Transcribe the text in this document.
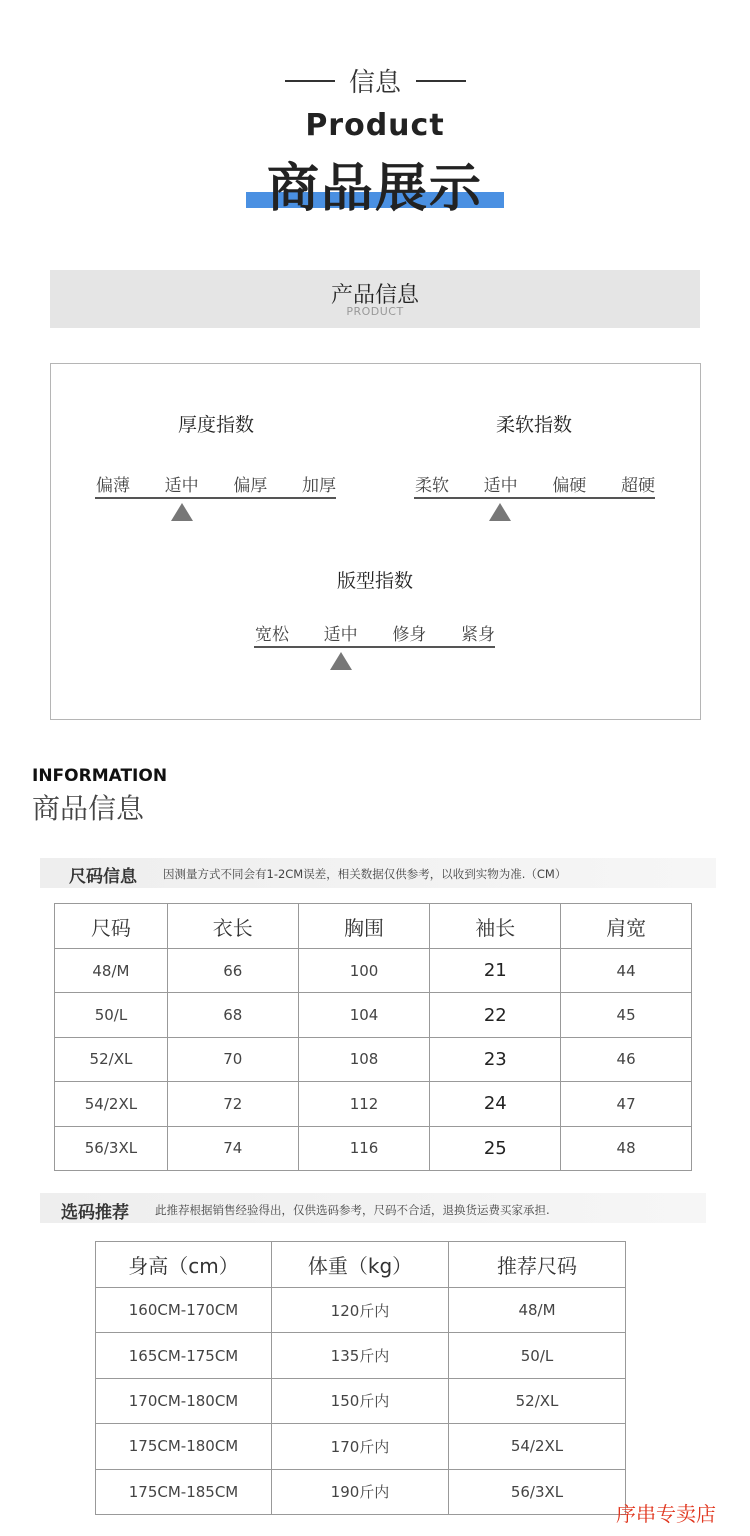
信息
Product
商品展示
产品信息
PRODUCT
厚度指数
偏薄 适中 偏厚 加厚
柔软指数
柔软 适中 偏硬 超硬
版型指数
宽松 适中 修身 紧身
INFORMATION
商品信息
尺码信息 因测量方式不同会有1-2CM误差，相关数据仅供参考，以收到实物为准.（CM）
尺码	衣长	胸围	袖长	肩宽
48/M	66	100	21	44
50/L	68	104	22	45
52/XL	70	108	23	46
54/2XL	72	112	24	47
56/3XL	74	116	25	48
选码推荐 此推荐根据销售经验得出，仅供选码参考，尺码不合适，退换货运费买家承担.
身高（cm）	体重（kg）	推荐尺码
160CM-170CM	120斤内	48/M
165CM-175CM	135斤内	50/L
170CM-180CM	150斤内	52/XL
175CM-180CM	170斤内	54/2XL
175CM-185CM	190斤内	56/3XL
序串专卖店
